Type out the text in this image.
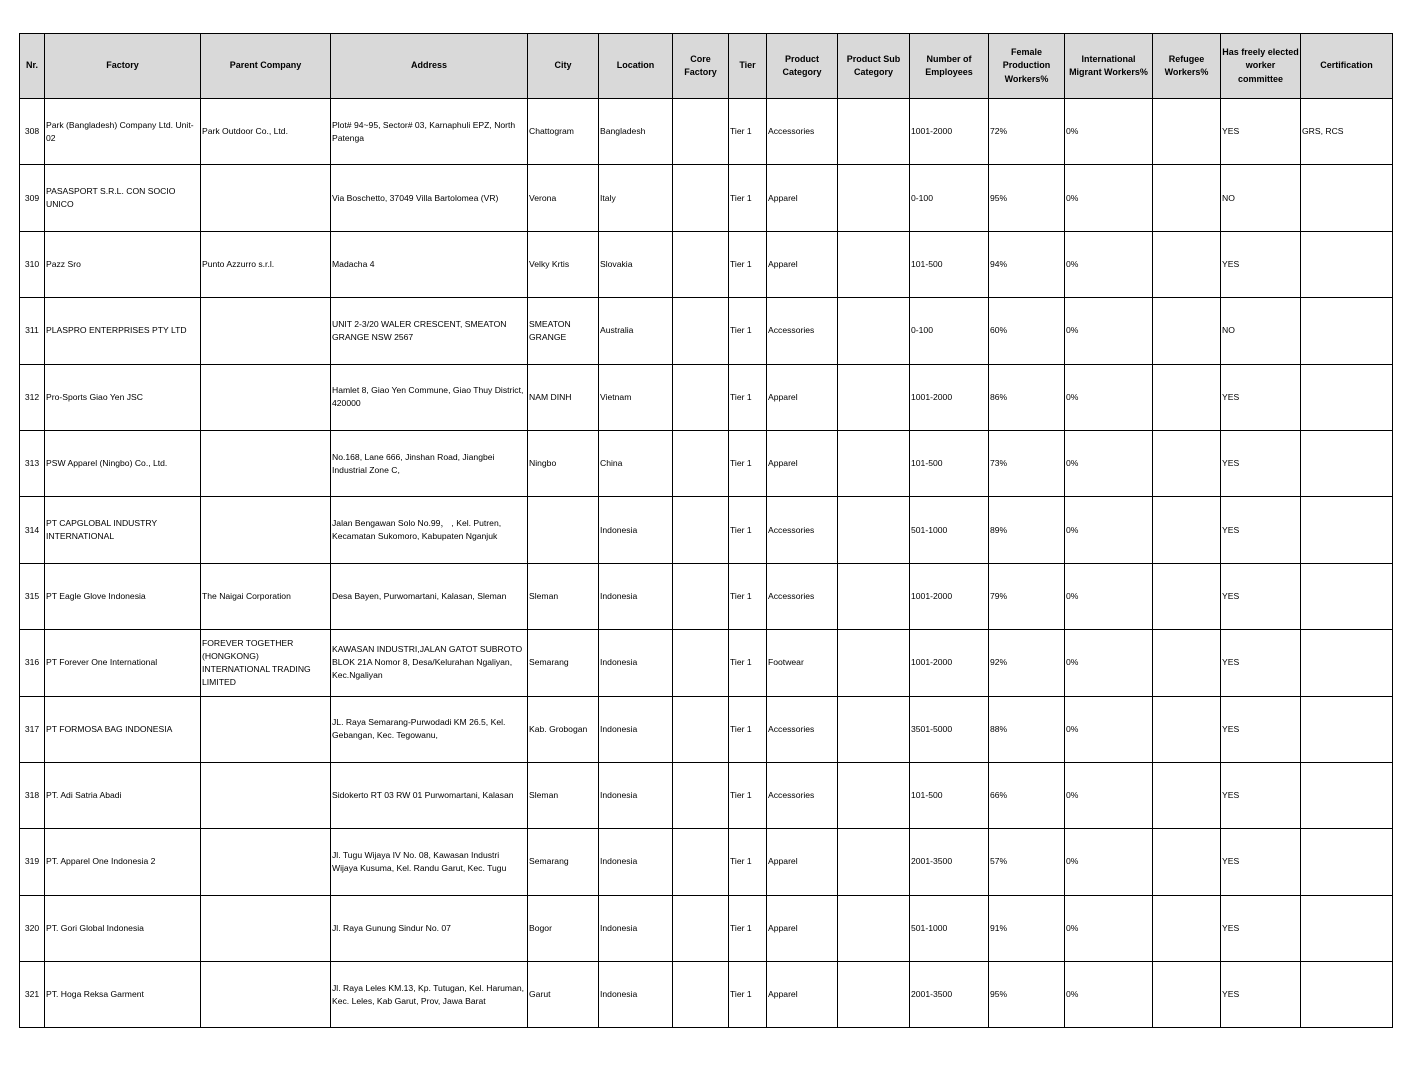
Nr.	Factory	Parent Company	Address	City	Location	Core Factory	Tier	Product Category	Product Sub Category	Number of Employees	Female Production Workers%	International Migrant Workers%	Refugee Workers%	Has freely elected worker committee	Certification
308	Park (Bangladesh) Company Ltd. Unit-02	Park Outdoor Co., Ltd.	Plot# 94~95, Sector# 03, Karnaphuli EPZ, North Patenga	Chattogram	Bangladesh		Tier 1	Accessories		1001-2000	72%	0%		YES	GRS, RCS
309	PASASPORT S.R.L. CON SOCIO UNICO		Via Boschetto, 37049 Villa Bartolomea (VR)	Verona	Italy		Tier 1	Apparel		0-100	95%	0%		NO	
310	Pazz Sro	Punto Azzurro s.r.l.	Madacha 4	Velky Krtis	Slovakia		Tier 1	Apparel		101-500	94%	0%		YES	
311	PLASPRO ENTERPRISES PTY LTD		UNIT 2-3/20 WALER CRESCENT, SMEATON GRANGE NSW 2567	SMEATON GRANGE	Australia		Tier 1	Accessories		0-100	60%	0%		NO	
312	Pro-Sports Giao Yen JSC		Hamlet 8, Giao Yen Commune, Giao Thuy District, 420000	NAM DINH	Vietnam		Tier 1	Apparel		1001-2000	86%	0%		YES	
313	PSW Apparel (Ningbo) Co., Ltd.		No.168, Lane 666, Jinshan Road, Jiangbei Industrial Zone C,	Ningbo	China		Tier 1	Apparel		101-500	73%	0%		YES	
314	PT CAPGLOBAL INDUSTRY INTERNATIONAL		Jalan Bengawan Solo No.99， , Kel. Putren, Kecamatan Sukomoro, Kabupaten Nganjuk		Indonesia		Tier 1	Accessories		501-1000	89%	0%		YES	
315	PT Eagle Glove Indonesia	The Naigai Corporation	Desa Bayen, Purwomartani, Kalasan, Sleman	Sleman	Indonesia		Tier 1	Accessories		1001-2000	79%	0%		YES	
316	PT Forever One International	FOREVER TOGETHER (HONGKONG) INTERNATIONAL TRADING LIMITED	KAWASAN INDUSTRI,JALAN GATOT SUBROTO BLOK 21A Nomor 8, Desa/Kelurahan Ngaliyan, Kec.Ngaliyan	Semarang	Indonesia		Tier 1	Footwear		1001-2000	92%	0%		YES	
317	PT FORMOSA BAG INDONESIA		JL. Raya Semarang-Purwodadi KM 26.5, Kel. Gebangan, Kec. Tegowanu,	Kab. Grobogan	Indonesia		Tier 1	Accessories		3501-5000	88%	0%		YES	
318	PT. Adi Satria Abadi		Sidokerto RT 03 RW 01 Purwomartani, Kalasan	Sleman	Indonesia		Tier 1	Accessories		101-500	66%	0%		YES	
319	PT. Apparel One Indonesia 2		Jl. Tugu Wijaya IV No. 08, Kawasan Industri Wijaya Kusuma, Kel. Randu Garut, Kec. Tugu	Semarang	Indonesia		Tier 1	Apparel		2001-3500	57%	0%		YES	
320	PT. Gori Global Indonesia		Jl. Raya Gunung Sindur No. 07	Bogor	Indonesia		Tier 1	Apparel		501-1000	91%	0%		YES	
321	PT. Hoga Reksa Garment		Jl. Raya Leles KM.13, Kp. Tutugan, Kel. Haruman, Kec. Leles, Kab Garut, Prov, Jawa Barat	Garut	Indonesia		Tier 1	Apparel		2001-3500	95%	0%		YES	
